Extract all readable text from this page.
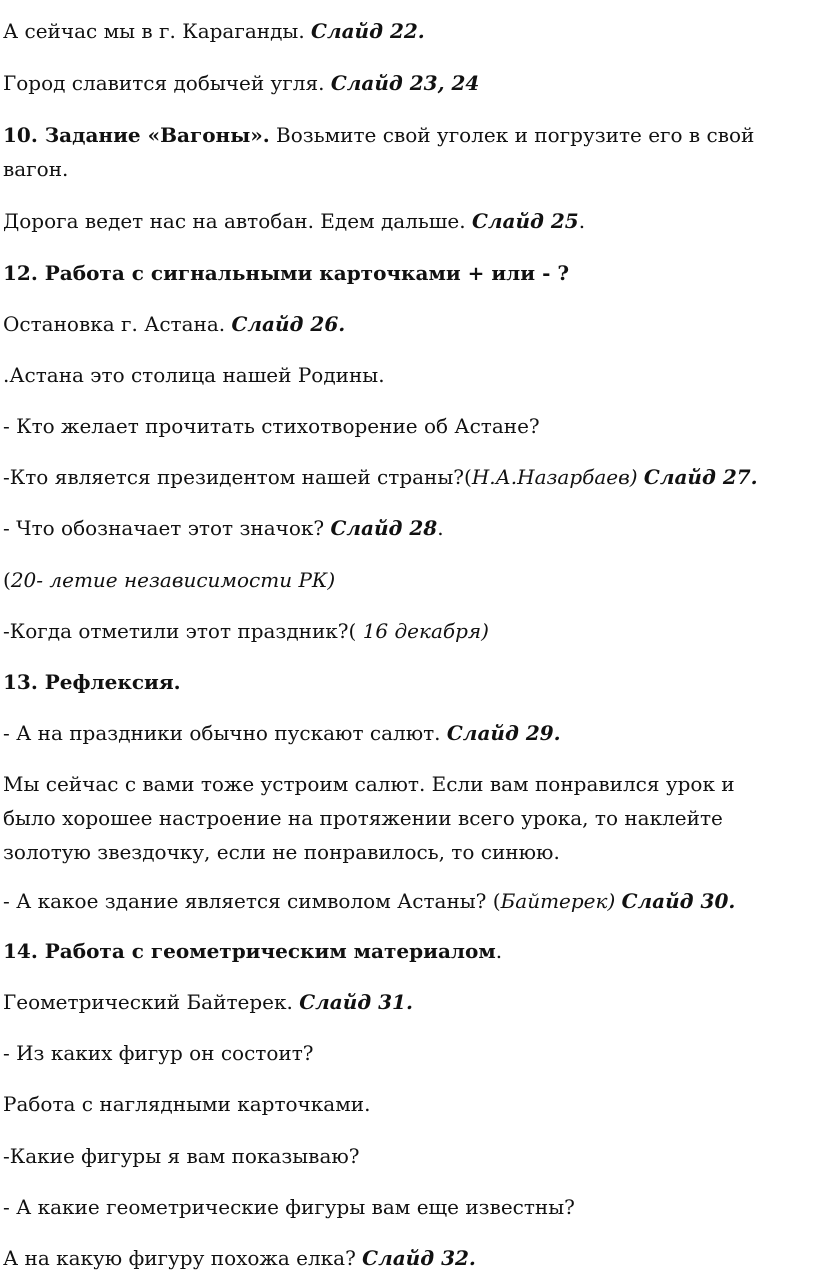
А сейчас мы в г. Караганды. Слайд 22.

Город славится добычей угля. Слайд 23, 24

10. Задание «Вагоны». Возьмите свой уголек и погрузите его в свой вагон.

Дорога ведет нас на автобан. Едем дальше. Слайд 25.

12. Работа с сигнальными карточками + или - ?

Остановка г. Астана. Слайд 26.

.Астана это столица нашей Родины.

- Кто желает прочитать стихотворение об Астане?

-Кто является президентом нашей страны?(Н.А.Назарбаев) Слайд 27.

- Что обозначает этот значок? Слайд 28.

(20- летие независимости РК)

-Когда отметили этот праздник?( 16 декабря)

13. Рефлексия.

- А на праздники обычно пускают салют. Слайд 29.

Мы сейчас с вами тоже устроим салют. Если вам понравился урок и было хорошее настроение на протяжении всего урока, то наклейте золотую звездочку, если не понравилось, то синюю.

- А какое здание является символом Астаны? (Байтерек) Слайд 30.

14. Работа с геометрическим материалом.

Геометрический Байтерек. Слайд 31.

- Из каких фигур он состоит?

Работа с наглядными карточками.

-Какие фигуры я вам показываю?

- А какие геометрические фигуры вам еще известны?

А на какую фигуру похожа елка? Слайд 32.
